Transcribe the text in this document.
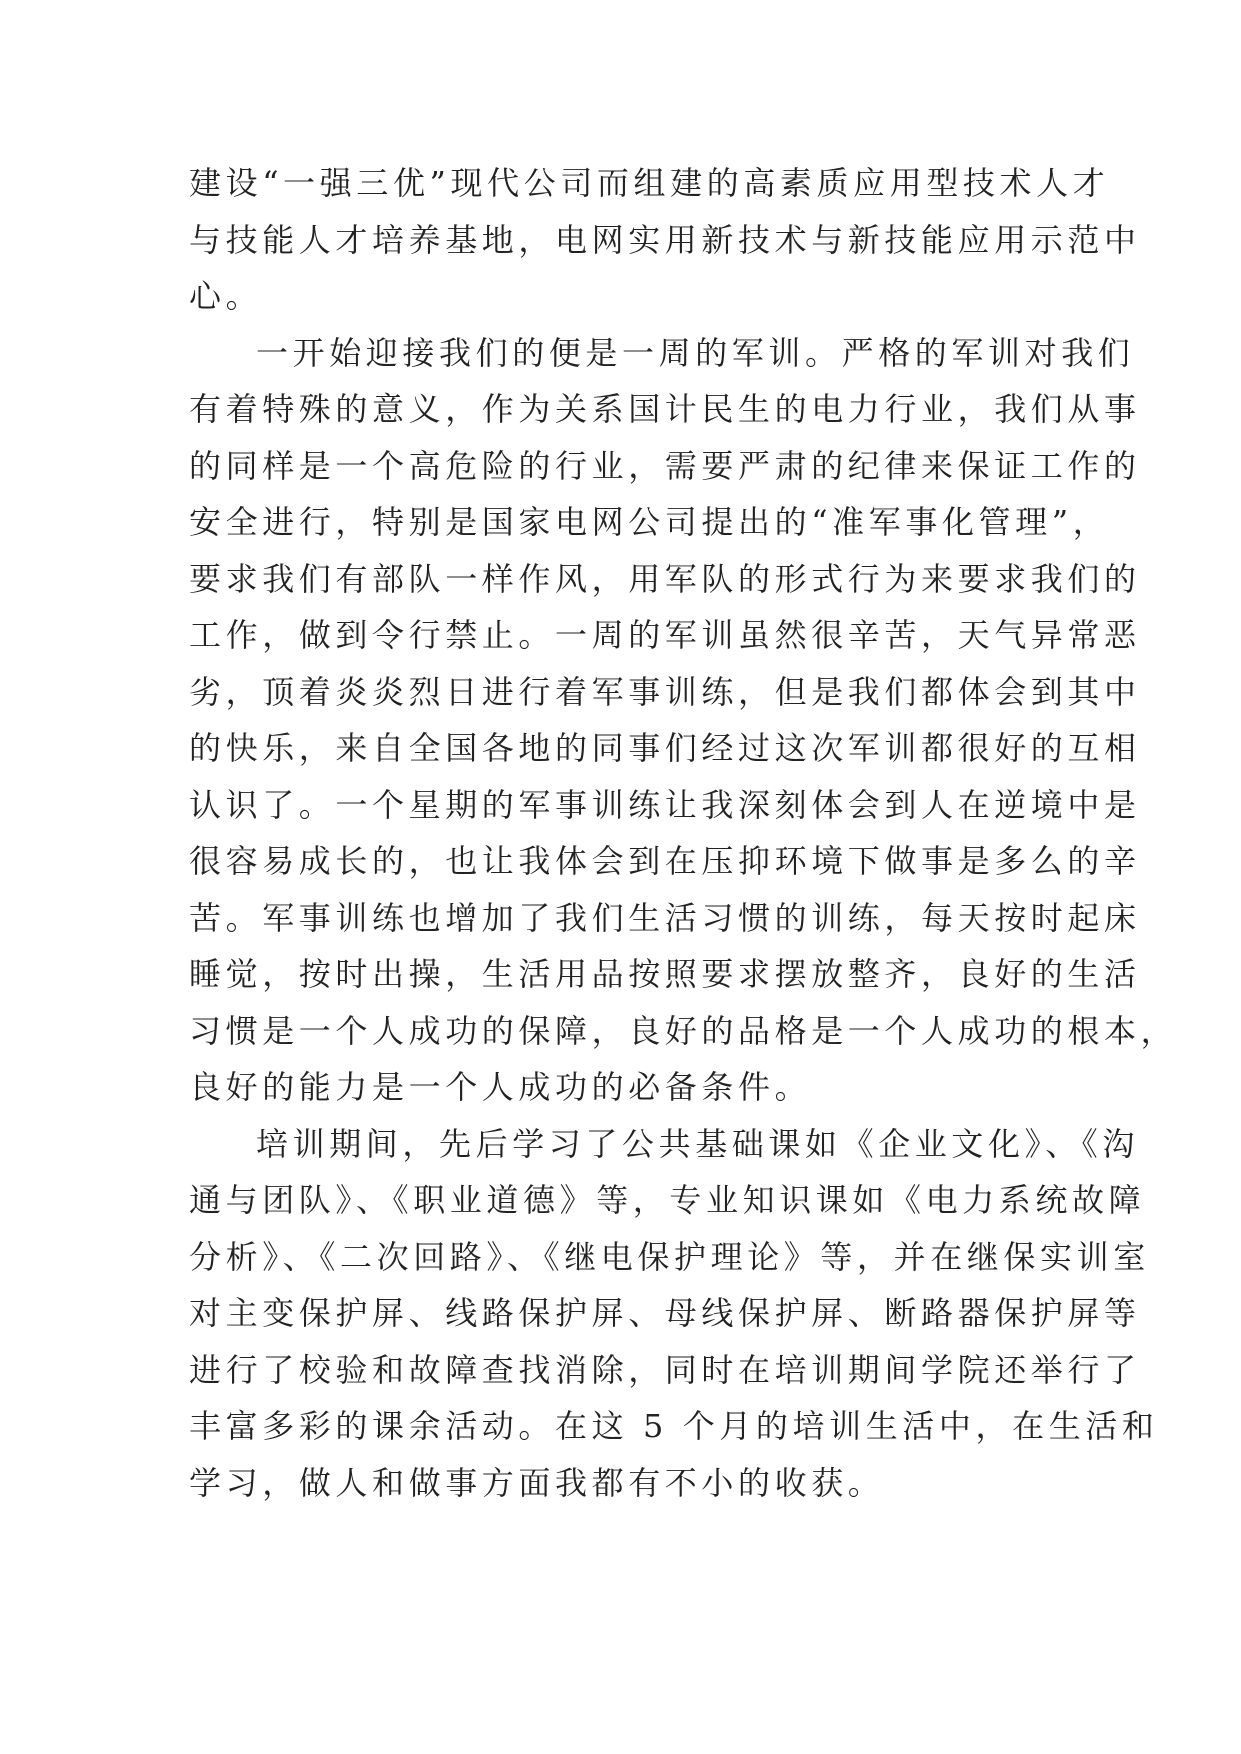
建设“一强三优”现代公司而组建的高素质应用型技术人才
与技能人才培养基地，电网实用新技术与新技能应用示范中
心。
一开始迎接我们的便是一周的军训。严格的军训对我们
有着特殊的意义，作为关系国计民生的电力行业，我们从事
的同样是一个高危险的行业，需要严肃的纪律来保证工作的
安全进行，特别是国家电网公司提出的“准军事化管理”，
要求我们有部队一样作风，用军队的形式行为来要求我们的
工作，做到令行禁止。一周的军训虽然很辛苦，天气异常恶
劣，顶着炎炎烈日进行着军事训练，但是我们都体会到其中
的快乐，来自全国各地的同事们经过这次军训都很好的互相
认识了。一个星期的军事训练让我深刻体会到人在逆境中是
很容易成长的，也让我体会到在压抑环境下做事是多么的辛
苦。军事训练也增加了我们生活习惯的训练，每天按时起床
睡觉，按时出操，生活用品按照要求摆放整齐，良好的生活
习惯是一个人成功的保障，良好的品格是一个人成功的根本，
良好的能力是一个人成功的必备条件。
培训期间，先后学习了公共基础课如《企业文化》、《沟
通与团队》、《职业道德》等，专业知识课如《电力系统故障
分析》、《二次回路》、《继电保护理论》等，并在继保实训室
对主变保护屏、线路保护屏、母线保护屏、断路器保护屏等
进行了校验和故障查找消除，同时在培训期间学院还举行了
丰富多彩的课余活动。在这 5 个月的培训生活中，在生活和
学习，做人和做事方面我都有不小的收获。
